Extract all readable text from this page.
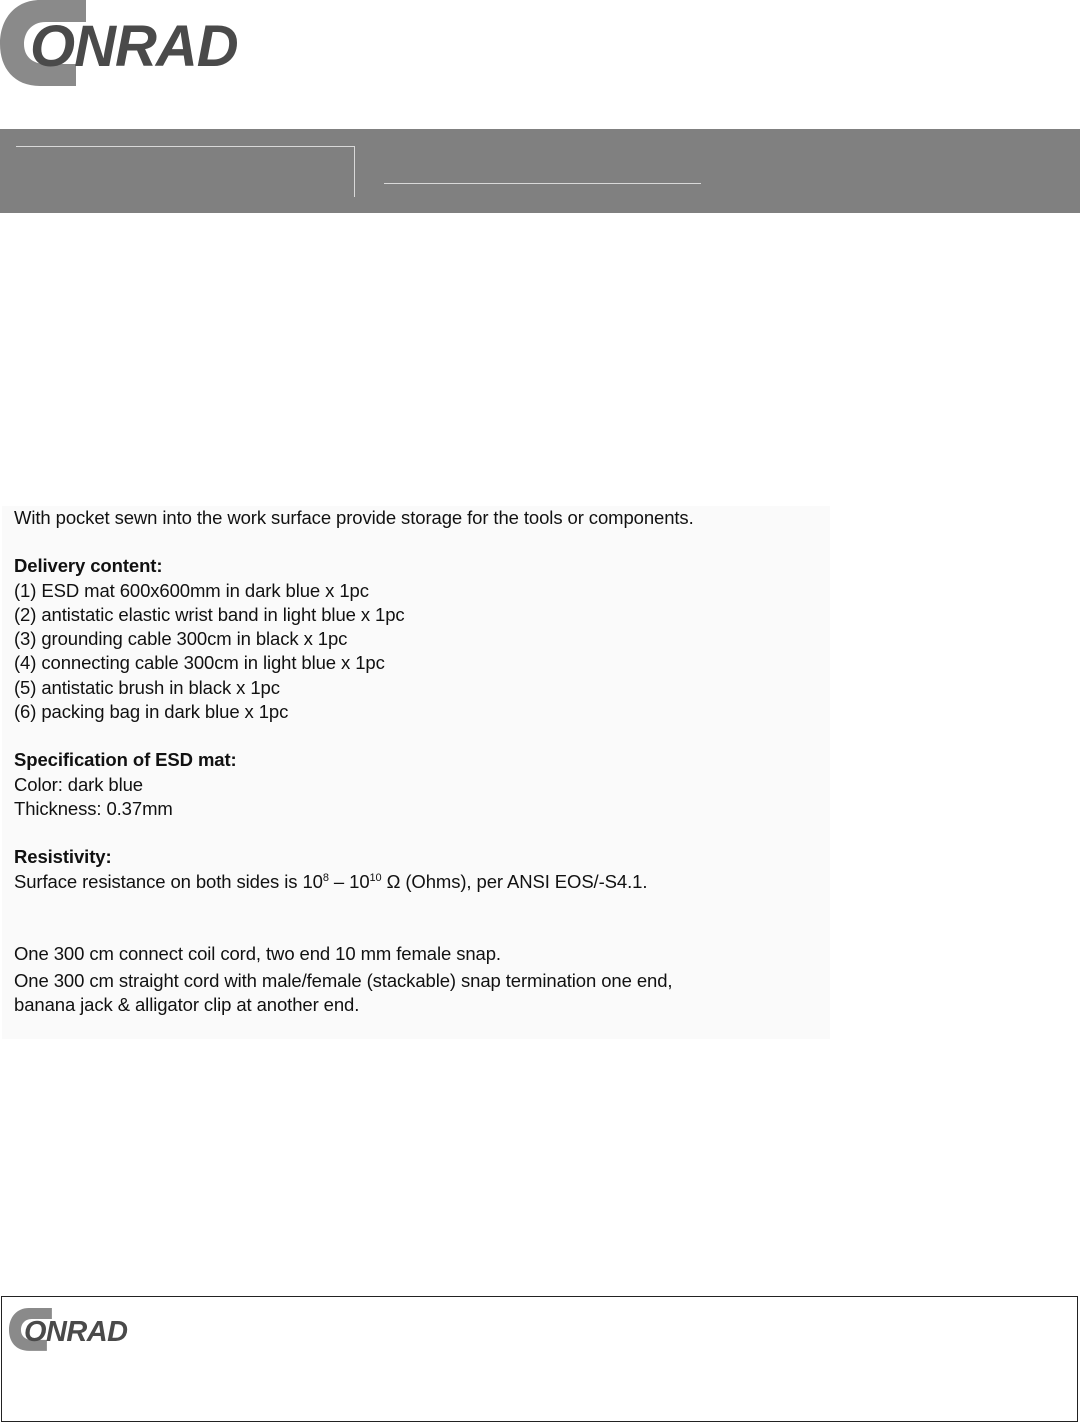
ONRAD

With pocket sewn into the work surface provide storage for the tools or components.

Delivery content:

(1) ESD mat 600x600mm in dark blue x 1pc

(2) antistatic elastic wrist band in light blue x 1pc

(3) grounding cable 300cm in black x 1pc

(4) connecting cable 300cm in light blue x 1pc

(5) antistatic brush in black x 1pc

(6) packing bag in dark blue x 1pc

Specification of ESD mat:

Color: dark blue

Thickness: 0.37mm

Resistivity:

Surface resistance on both sides is $10^8 - 10^{10}$ Ω (Ohms), per ANSI EOS/-S4.1.

One 300 cm connect coil cord, two end 10 mm female snap.

One 300 cm straight cord with male/female (stackable) snap termination one end,

banana jack & alligator clip at another end.

ONRAD
